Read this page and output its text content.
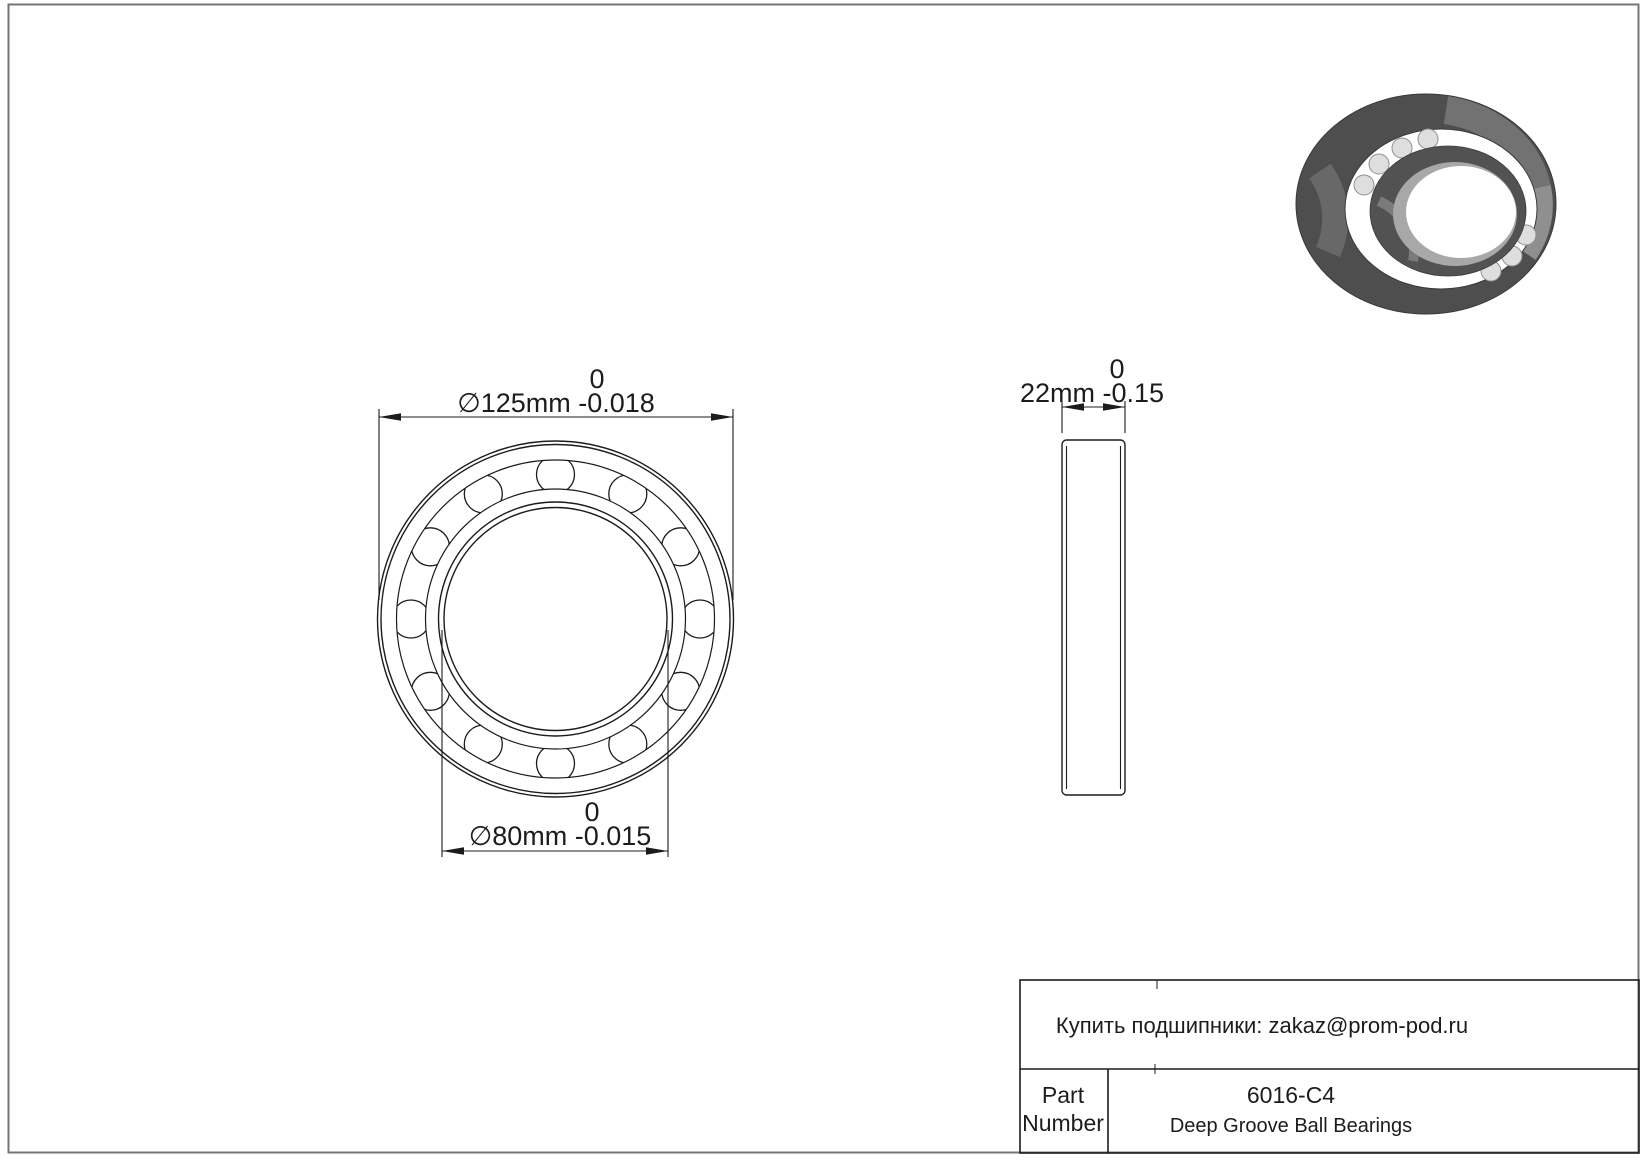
0
∅125mm -0.018
0
∅80mm -0.015
0
22mm -0.15
Купить подшипники: zakaz@prom-pod.ru
Part
Number
6016-C4
Deep Groove Ball Bearings
